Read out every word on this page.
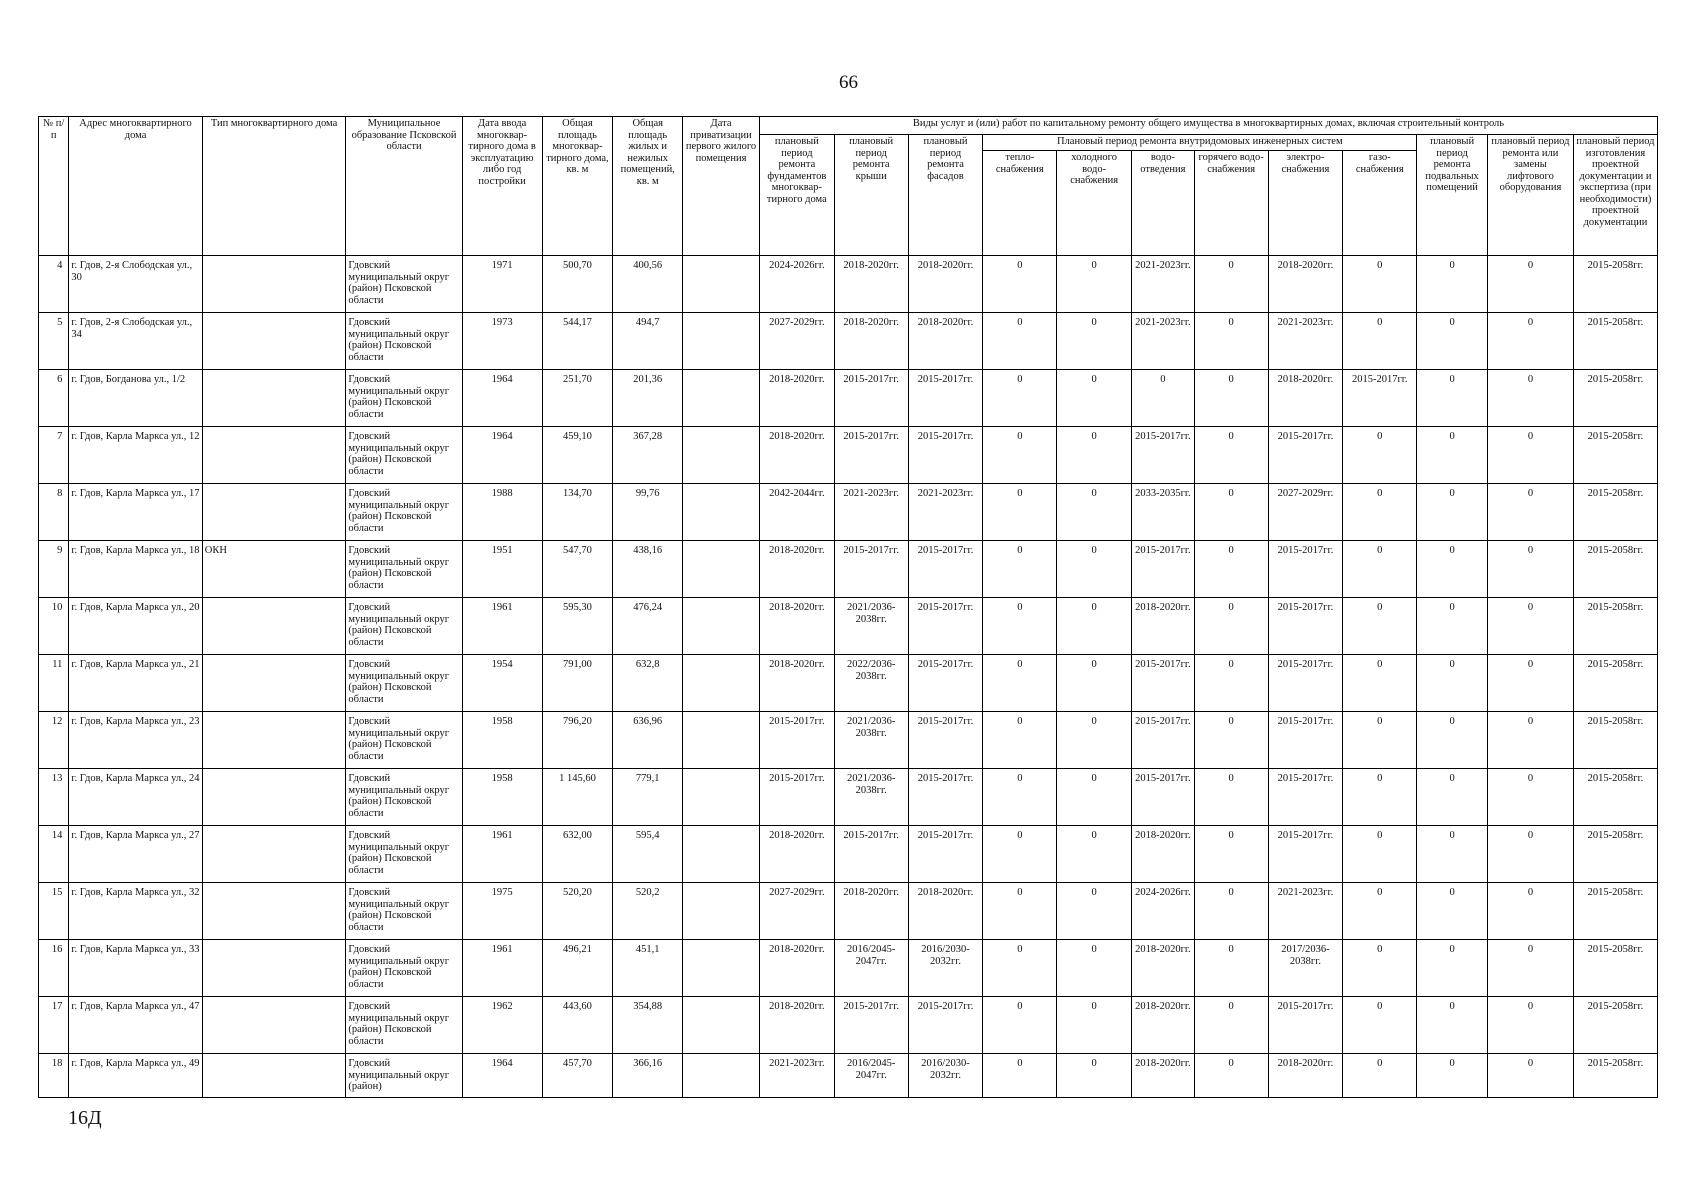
66
№ п/п	Адрес многоквартирного дома	Тип многоквартирного дома	Муниципальное образование Псковской области	Дата ввода многоквар-тирного дома в эксплуатацию либо год постройки	Общая площадь многоквар-тирного дома, кв. м	Общая площадь жилых и нежилых помещений, кв. м	Дата приватизации первого жилого помещения	Виды услуг и (или) работ по капитальному ремонту общего имущества в многоквартирных домах, включая строительный контроль											
								плановый период ремонта фундаментов многоквар-тирного дома	плановый период ремонта крыши	плановый период ремонта фасадов	Плановый период ремонта внутридомовых инженерных систем						плановый период ремонта подвальных помещений	плановый период ремонта или замены лифтового оборудования	плановый период изготовления проектной документации и экспертиза (при необходимости) проектной документации
											тепло-снабжения	холодного водо-снабжения	водо-отведения	горячего водо-снабжения	электро-снабжения	газо-снабжения			
4	г. Гдов, 2-я Слободская ул., 30		Гдовский муниципальный округ (район) Псковской области	1971	500,70	400,56		2024-2026гг.	2018-2020гг.	2018-2020гг.	0	0	2021-2023гг.	0	2018-2020гг.	0	0	0	2015-2058гг.
5	г. Гдов, 2-я Слободская ул., 34		Гдовский муниципальный округ (район) Псковской области	1973	544,17	494,7		2027-2029гг.	2018-2020гг.	2018-2020гг.	0	0	2021-2023гг.	0	2021-2023гг.	0	0	0	2015-2058гг.
6	г. Гдов, Богданова ул., 1/2		Гдовский муниципальный округ (район) Псковской области	1964	251,70	201,36		2018-2020гг.	2015-2017гг.	2015-2017гг.	0	0	0	0	2018-2020гг.	2015-2017гг.	0	0	2015-2058гг.
7	г. Гдов, Карла Маркса ул., 12		Гдовский муниципальный округ (район) Псковской области	1964	459,10	367,28		2018-2020гг.	2015-2017гг.	2015-2017гг.	0	0	2015-2017гг.	0	2015-2017гг.	0	0	0	2015-2058гг.
8	г. Гдов, Карла Маркса ул., 17		Гдовский муниципальный округ (район) Псковской области	1988	134,70	99,76		2042-2044гг.	2021-2023гг.	2021-2023гг.	0	0	2033-2035гг.	0	2027-2029гг.	0	0	0	2015-2058гг.
9	г. Гдов, Карла Маркса ул., 18	ОКН	Гдовский муниципальный округ (район) Псковской области	1951	547,70	438,16		2018-2020гг.	2015-2017гг.	2015-2017гг.	0	0	2015-2017гг.	0	2015-2017гг.	0	0	0	2015-2058гг.
10	г. Гдов, Карла Маркса ул., 20		Гдовский муниципальный округ (район) Псковской области	1961	595,30	476,24		2018-2020гг.	2021/2036-2038гг.	2015-2017гг.	0	0	2018-2020гг.	0	2015-2017гг.	0	0	0	2015-2058гг.
11	г. Гдов, Карла Маркса ул., 21		Гдовский муниципальный округ (район) Псковской области	1954	791,00	632,8		2018-2020гг.	2022/2036-2038гг.	2015-2017гг.	0	0	2015-2017гг.	0	2015-2017гг.	0	0	0	2015-2058гг.
12	г. Гдов, Карла Маркса ул., 23		Гдовский муниципальный округ (район) Псковской области	1958	796,20	636,96		2015-2017гг.	2021/2036-2038гг.	2015-2017гг.	0	0	2015-2017гг.	0	2015-2017гг.	0	0	0	2015-2058гг.
13	г. Гдов, Карла Маркса ул., 24		Гдовский муниципальный округ (район) Псковской области	1958	1 145,60	779,1		2015-2017гг.	2021/2036-2038гг.	2015-2017гг.	0	0	2015-2017гг.	0	2015-2017гг.	0	0	0	2015-2058гг.
14	г. Гдов, Карла Маркса ул., 27		Гдовский муниципальный округ (район) Псковской области	1961	632,00	595,4		2018-2020гг.	2015-2017гг.	2015-2017гг.	0	0	2018-2020гг.	0	2015-2017гг.	0	0	0	2015-2058гг.
15	г. Гдов, Карла Маркса ул., 32		Гдовский муниципальный округ (район) Псковской области	1975	520,20	520,2		2027-2029гг.	2018-2020гг.	2018-2020гг.	0	0	2024-2026гг.	0	2021-2023гг.	0	0	0	2015-2058гг.
16	г. Гдов, Карла Маркса ул., 33		Гдовский муниципальный округ (район) Псковской области	1961	496,21	451,1		2018-2020гг.	2016/2045-2047гг.	2016/2030-2032гг.	0	0	2018-2020гг.	0	2017/2036-2038гг.	0	0	0	2015-2058гг.
17	г. Гдов, Карла Маркса ул., 47		Гдовский муниципальный округ (район) Псковской области	1962	443,60	354,88		2018-2020гг.	2015-2017гг.	2015-2017гг.	0	0	2018-2020гг.	0	2015-2017гг.	0	0	0	2015-2058гг.
18	г. Гдов, Карла Маркса ул., 49		Гдовский муниципальный округ (район)	1964	457,70	366,16		2021-2023гг.	2016/2045-2047гг.	2016/2030-2032гг.	0	0	2018-2020гг.	0	2018-2020гг.	0	0	0	2015-2058гг.
16Д
